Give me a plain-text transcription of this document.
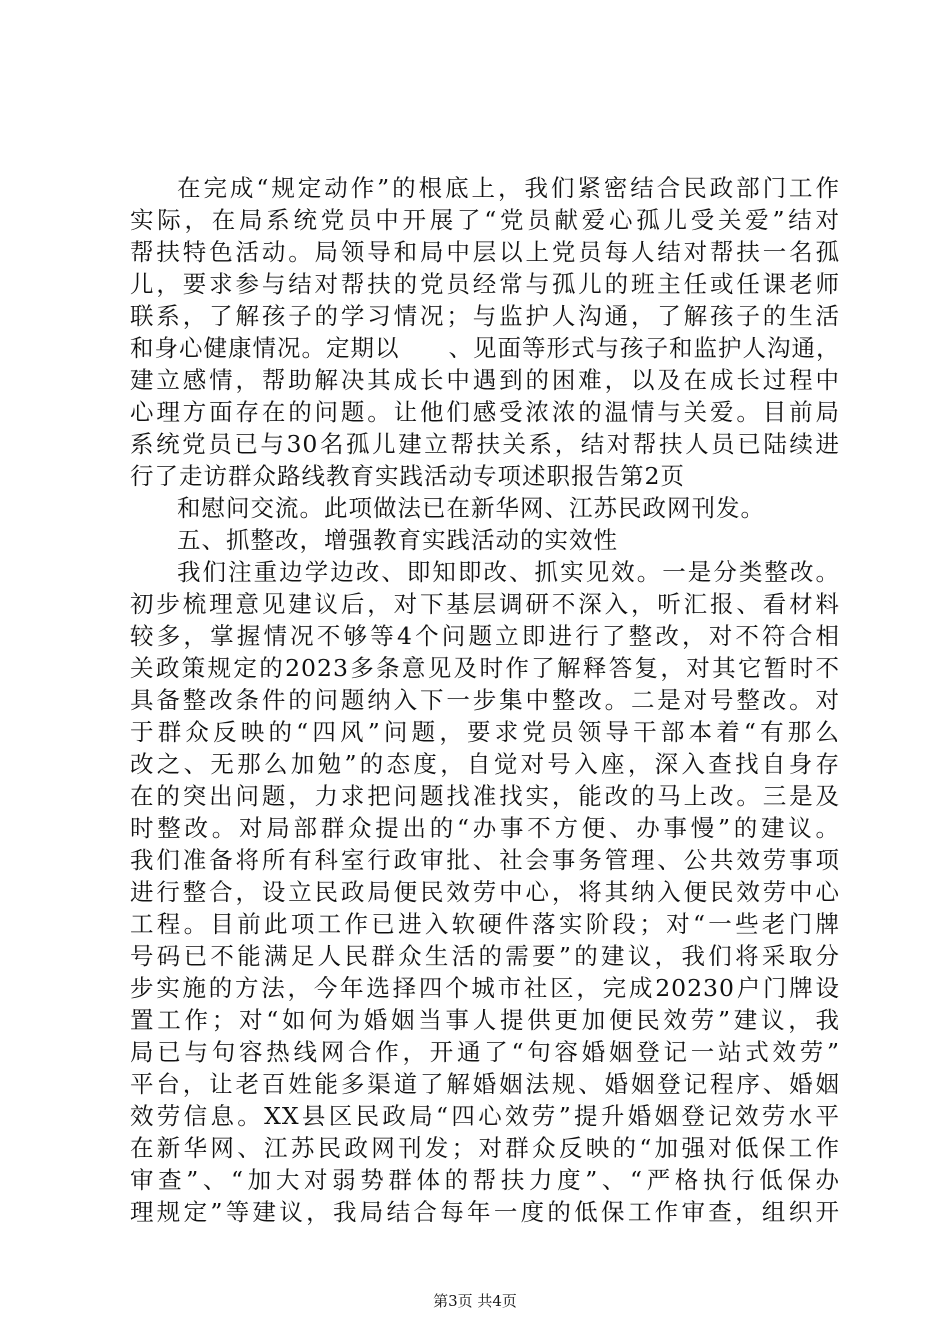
在完成“规定动作”的根底上，我们紧密结合民政部门工作
实际，在局系统党员中开展了“党员献爱心孤儿受关爱”结对
帮扶特色活动。局领导和局中层以上党员每人结对帮扶一名孤
儿，要求参与结对帮扶的党员经常与孤儿的班主任或任课老师
联系，了解孩子的学习情况；与监护人沟通，了解孩子的生活
和身心健康情况。定期以　　、见面等形式与孩子和监护人沟通，
建立感情，帮助解决其成长中遇到的困难，以及在成长过程中
心理方面存在的问题。让他们感受浓浓的温情与关爱。目前局
系统党员已与30名孤儿建立帮扶关系，结对帮扶人员已陆续进
行了走访群众路线教育实践活动专项述职报告第2页
和慰问交流。此项做法已在新华网、江苏民政网刊发。
五、抓整改，增强教育实践活动的实效性
我们注重边学边改、即知即改、抓实见效。一是分类整改。
初步梳理意见建议后，对下基层调研不深入，听汇报、看材料
较多，掌握情况不够等4个问题立即进行了整改，对不符合相
关政策规定的2023多条意见及时作了解释答复，对其它暂时不
具备整改条件的问题纳入下一步集中整改。二是对号整改。对
于群众反映的“四风”问题，要求党员领导干部本着“有那么
改之、无那么加勉”的态度，自觉对号入座，深入查找自身存
在的突出问题，力求把问题找准找实，能改的马上改。三是及
时整改。对局部群众提出的“办事不方便、办事慢”的建议。
我们准备将所有科室行政审批、社会事务管理、公共效劳事项
进行整合，设立民政局便民效劳中心，将其纳入便民效劳中心
工程。目前此项工作已进入软硬件落实阶段；对“一些老门牌
号码已不能满足人民群众生活的需要”的建议，我们将采取分
步实施的方法，今年选择四个城市社区，完成20230户门牌设
置工作；对“如何为婚姻当事人提供更加便民效劳”建议，我
局已与句容热线网合作，开通了“句容婚姻登记一站式效劳”
平台，让老百姓能多渠道了解婚姻法规、婚姻登记程序、婚姻
效劳信息。XX县区民政局“四心效劳”提升婚姻登记效劳水平
在新华网、江苏民政网刊发；对群众反映的“加强对低保工作
审查”、“加大对弱势群体的帮扶力度”、“严格执行低保办
理规定”等建议，我局结合每年一度的低保工作审查，组织开
第3页 共4页
